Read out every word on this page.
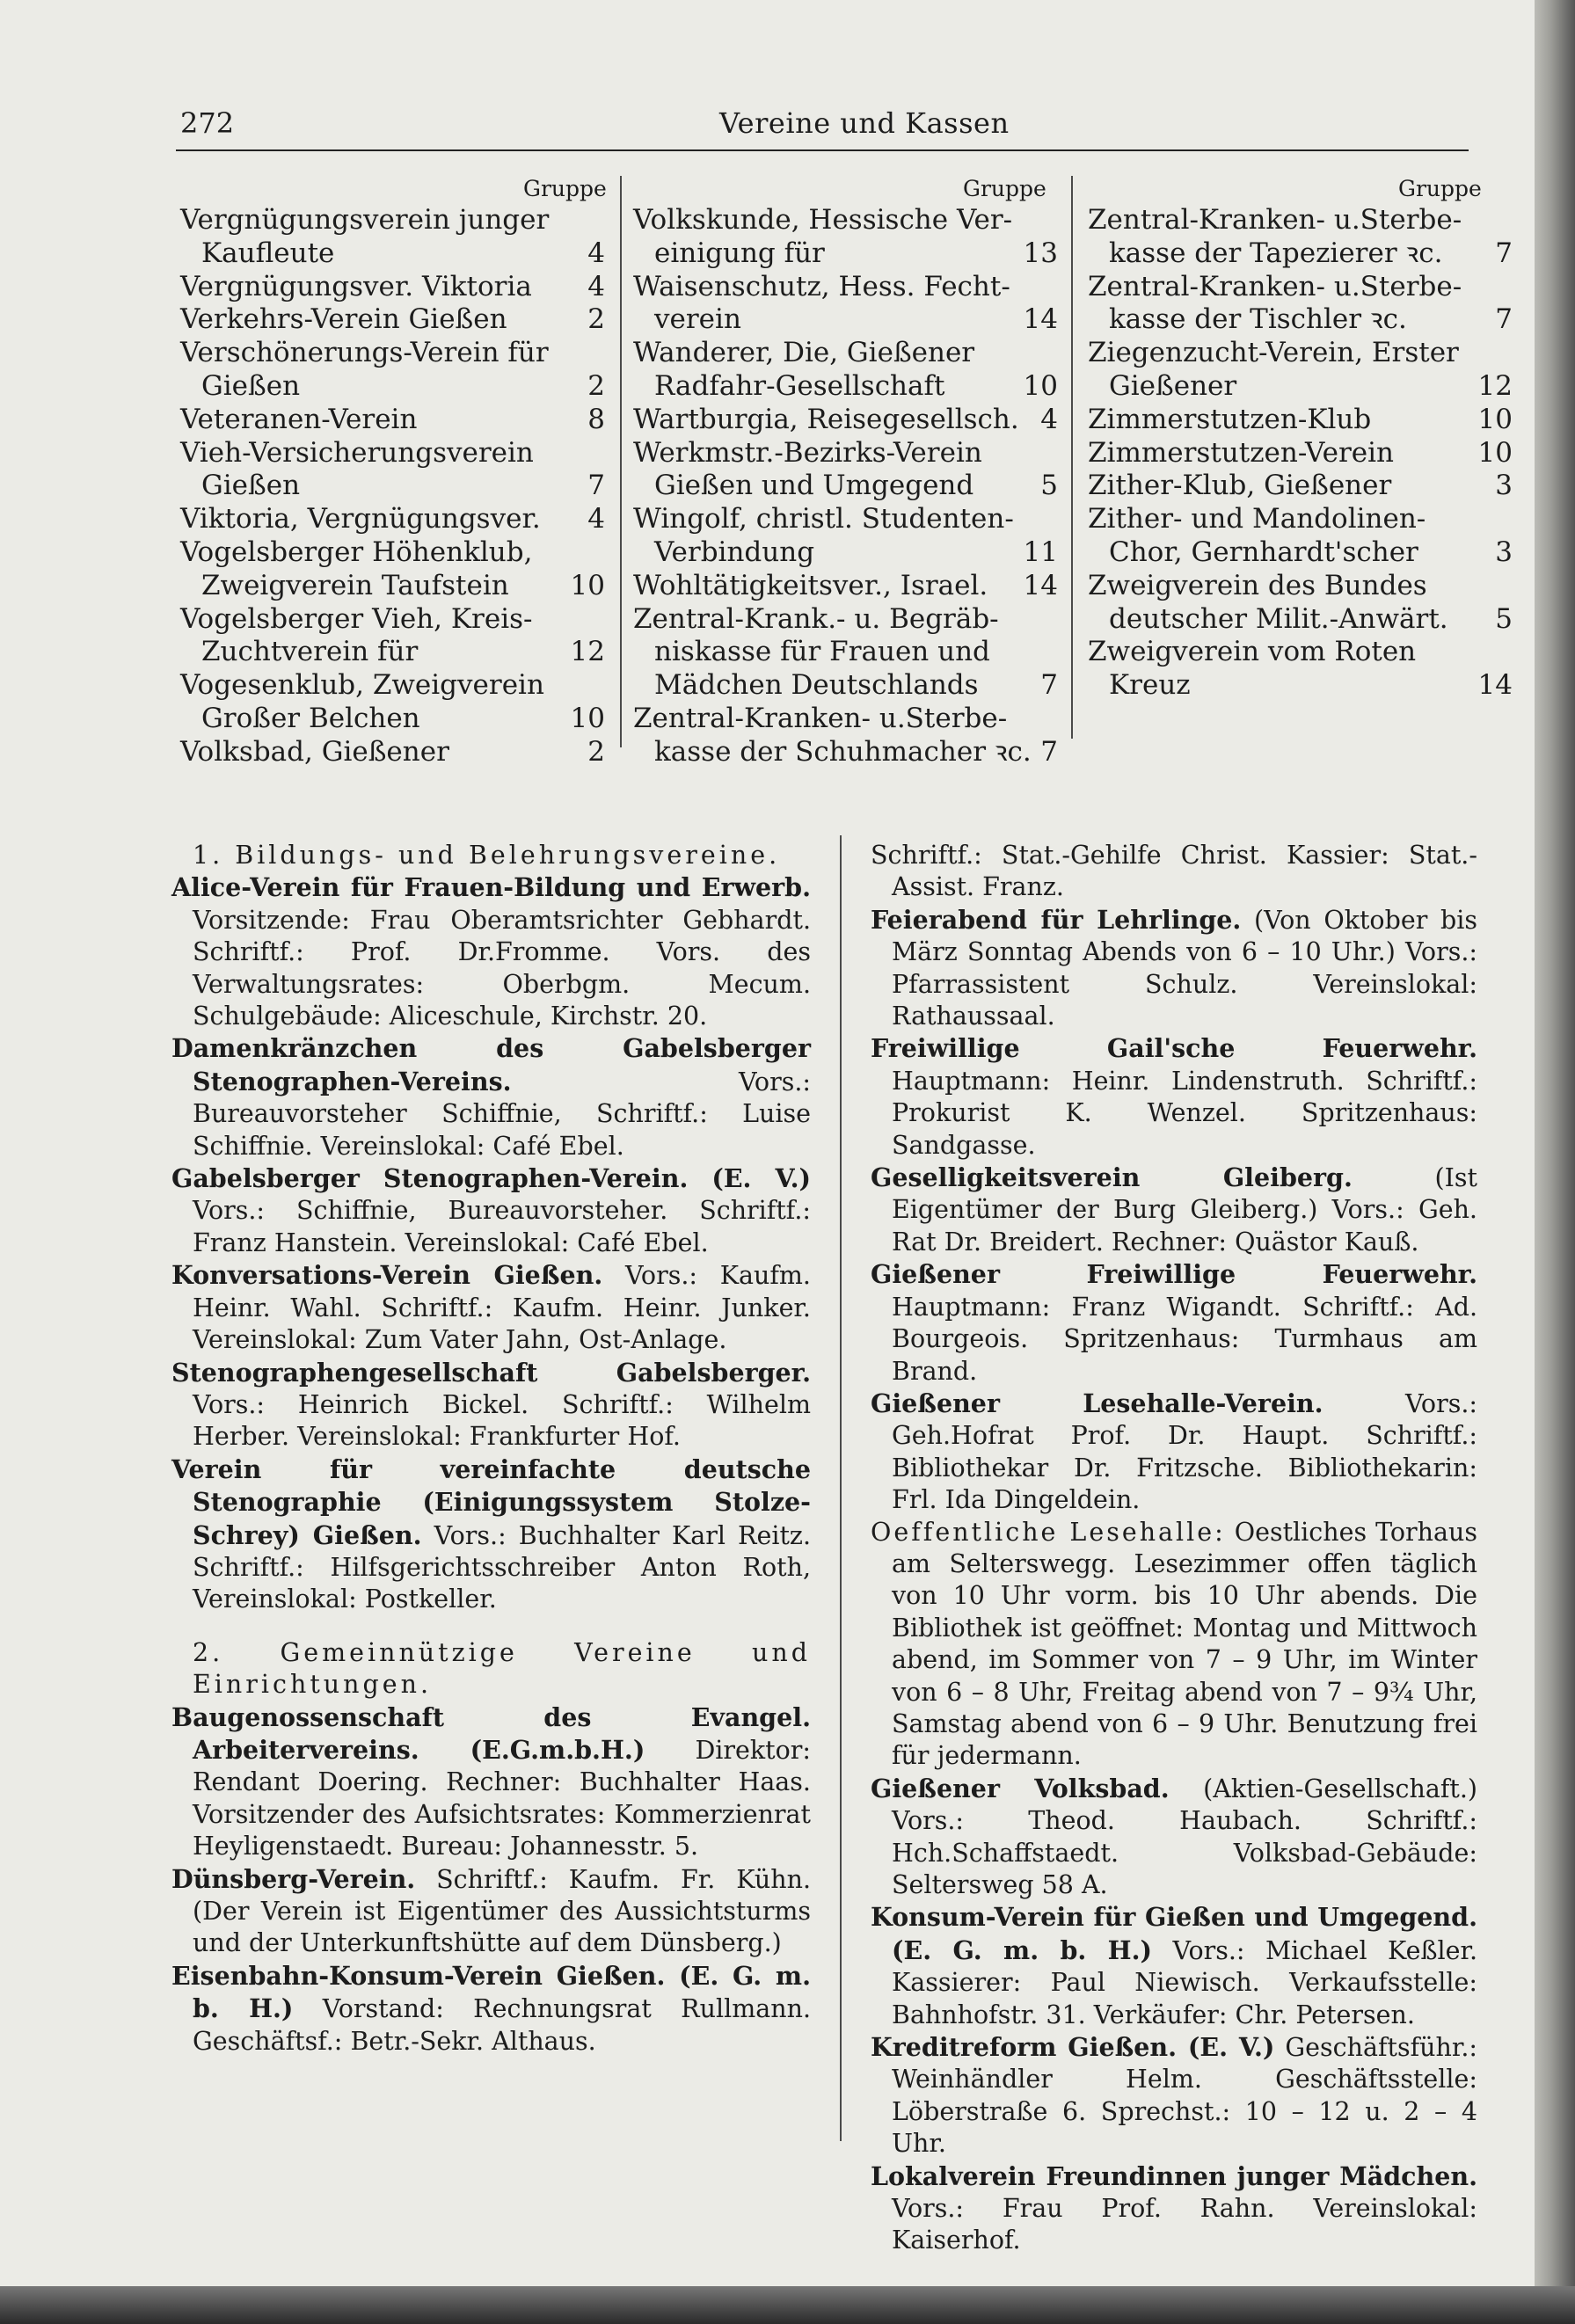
272	Vereine und Kassen
Gruppe	Gruppe	Gruppe
Vergnügungsverein junger
Kaufleute	4
Vergnügungsver. Viktoria 4
Verkehrs-Verein Gießen	2
Verschönerungs-Verein für
Gießen	2
Veteranen-Verein	8
Vieh-Versicherungsverein
Gießen	7
Viktoria, Vergnügungsver. 4
Vogelsberger Höhenklub,
Zweigverein Taufstein 10
Vogelsberger Vieh, Kreis-
Zuchtverein für	12
Vogesenklub, Zweigverein
Großer Belchen	10
Volksbad, Gießener	2
Volkskunde, Hessische Ver-
einigung für	13
Waisenschutz, Hess. Fecht-
verein	14
Wanderer, Die, Gießener
Radfahr-Gesellschaft	10
Wartburgia, Reisegesellsch. 4
Werkmstr.-Bezirks-Verein
Gießen und Umgegend 5
Wingolf, christl. Studenten-
Verbindung	11
Wohltätigkeitsver., Israel. 14
Zentral-Krank.- u. Begräb-
niskasse für Frauen und
Mädchen Deutschlands 7
Zentral-Kranken- u.Sterbe-
kasse der Schuhmacher ꝛc. 7
Zentral-Kranken- u.Sterbe-
kasse der Tapezierer ꝛc. 7
Zentral-Kranken- u.Sterbe-
kasse der Tischler ꝛc.	7
Ziegenzucht-Verein, Erster
Gießener	12
Zimmerstutzen-Klub	10
Zimmerstutzen-Verein	10
Zither-Klub, Gießener	3
Zither- und Mandolinen-
Chor, Gernhardt'scher	3
Zweigverein des Bundes
deutscher Milit.-Anwärt. 5
Zweigverein vom Roten
Kreuz	14

1. Bildungs- und Belehrungsvereine.

Alice-Verein für Frauen-Bildung und Erwerb. Vorsitzende: Frau Oberamtsrichter Gebhardt. Schriftf.: Prof. Dr.Fromme. Vors. des Verwaltungsrates: Oberbgm. Mecum. Schulgebäude: Aliceschule, Kirchstr. 20.

Damenkränzchen des Gabelsberger Stenographen-Vereins.	Vors.: Bureauvorsteher Schiffnie, Schriftf.: Luise Schiffnie. Vereinslokal: Café Ebel.

Gabelsberger Stenographen-Verein. (E. V.) Vors.: Schiffnie, Bureauvorsteher. Schriftf.: Franz Hanstein. Vereinslokal: Café Ebel.

Konversations-Verein Gießen. Vors.: Kaufm. Heinr. Wahl. Schriftf.: Kaufm. Heinr. Junker. Vereinslokal: Zum Vater Jahn, Ost-Anlage.

Stenographengesellschaft Gabelsberger. Vors.: Heinrich Bickel. Schriftf.: Wilhelm Herber. Vereinslokal: Frankfurter Hof.

Verein für vereinfachte deutsche Stenographie (Einigungssystem Stolze-Schrey) Gießen. Vors.: Buchhalter Karl Reitz. Schriftf.: Hilfsgerichtsschreiber Anton Roth, Vereinslokal: Postkeller.

2. Gemeinnützige Vereine und Einrichtungen.

Baugenossenschaft des Evangel. Arbeitervereins. (E.G.m.b.H.) Direktor: Rendant Doering. Rechner: Buchhalter Haas. Vorsitzender des Aufsichtsrates: Kommerzienrat Heyligenstaedt. Bureau: Johannesstr. 5.

Dünsberg-Verein. Schriftf.: Kaufm. Fr. Kühn. (Der Verein ist Eigentümer des Aussichtsturms und der Unterkunftshütte auf dem Dünsberg.)

Eisenbahn-Konsum-Verein Gießen. (E. G. m. b. H.) Vorstand: Rechnungsrat Rullmann. Geschäftsf.: Betr.-Sekr. Althaus.

Schriftf.: Stat.-Gehilfe Christ. Kassier: Stat.-Assist. Franz.

Feierabend für Lehrlinge. (Von Oktober bis März Sonntag Abends von 6 – 10 Uhr.) Vors.: Pfarrassistent Schulz. Vereinslokal: Rathaussaal.

Freiwillige Gail'sche Feuerwehr. Hauptmann: Heinr. Lindenstruth. Schriftf.: Prokurist K. Wenzel. Spritzenhaus: Sandgasse.

Geselligkeitsverein Gleiberg.	(Ist Eigentümer der Burg Gleiberg.) Vors.: Geh. Rat Dr. Breidert. Rechner: Quästor Kauß.

Gießener Freiwillige Feuerwehr. Hauptmann: Franz Wigandt. Schriftf.: Ad. Bourgeois. Spritzenhaus: Turmhaus am Brand.

Gießener Lesehalle-Verein.	Vors.: Geh.Hofrat Prof. Dr. Haupt. Schriftf.: Bibliothekar Dr. Fritzsche. Bibliothekarin: Frl. Ida Dingeldein.

Oeffentliche Lesehalle: Oestliches Torhaus am Selterswegg. Lesezimmer offen täglich von 10 Uhr vorm. bis 10 Uhr abends. Die Bibliothek ist geöffnet: Montag und Mittwoch abend, im Sommer von 7 – 9 Uhr, im Winter von 6 – 8 Uhr, Freitag abend von 7 – 9¾ Uhr, Samstag abend von 6 – 9 Uhr. Benutzung frei für jedermann.

Gießener Volksbad. (Aktien-Gesellschaft.) Vors.: Theod. Haubach. Schriftf.: Hch.Schaffstaedt. Volksbad-Gebäude: Seltersweg 58 A.

Konsum-Verein für Gießen und Umgegend. (E. G. m. b. H.) Vors.: Michael Keßler. Kassierer: Paul Niewisch. Verkaufsstelle: Bahnhofstr. 31. Verkäufer: Chr. Petersen.

Kreditreform Gießen. (E. V.) Geschäftsführ.: Weinhändler Helm. Geschäftsstelle: Löberstraße 6. Sprechst.: 10 – 12 u. 2 – 4 Uhr.

Lokalverein Freundinnen junger Mädchen. Vors.: Frau Prof. Rahn. Vereinslokal: Kaiserhof.
